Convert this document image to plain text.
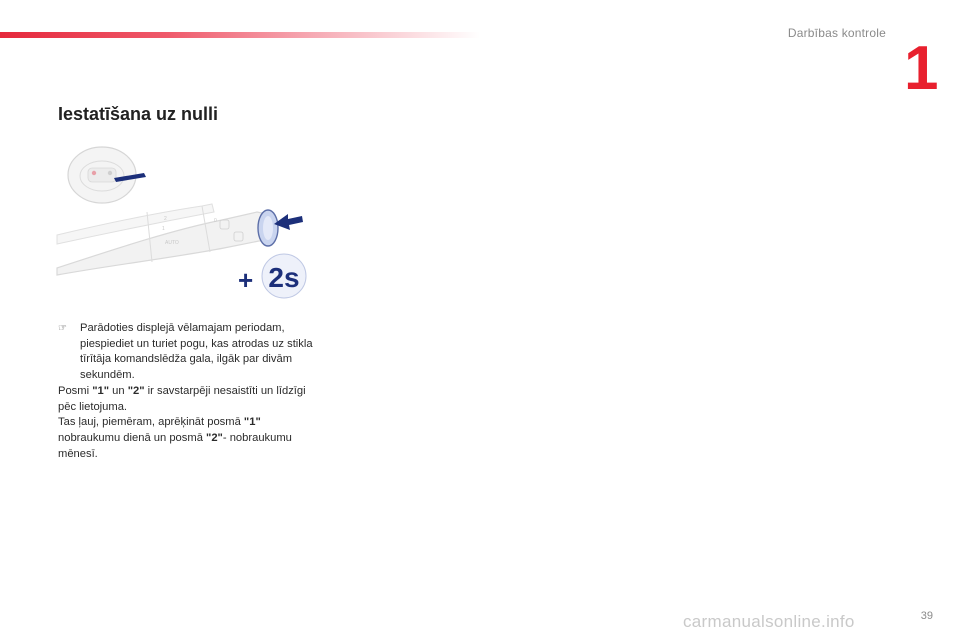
Darbības kontrole
1
Iestatīšana uz nulli
2
1
AUTO
0
+ 2s
☞	Parādoties displejā vēlamajam periodam, piespiediet un turiet pogu, kas atrodas uz stikla tīrītāja komandslēdža gala, ilgāk par divām sekundēm.
Posmi "1" un "2" ir savstarpēji nesaistīti un līdzīgi pēc lietojuma.
Tas ļauj, piemēram, aprēķināt posmā "1" nobraukumu dienā un posmā "2"- nobraukumu mēnesī.
39
carmanualsonline.info
